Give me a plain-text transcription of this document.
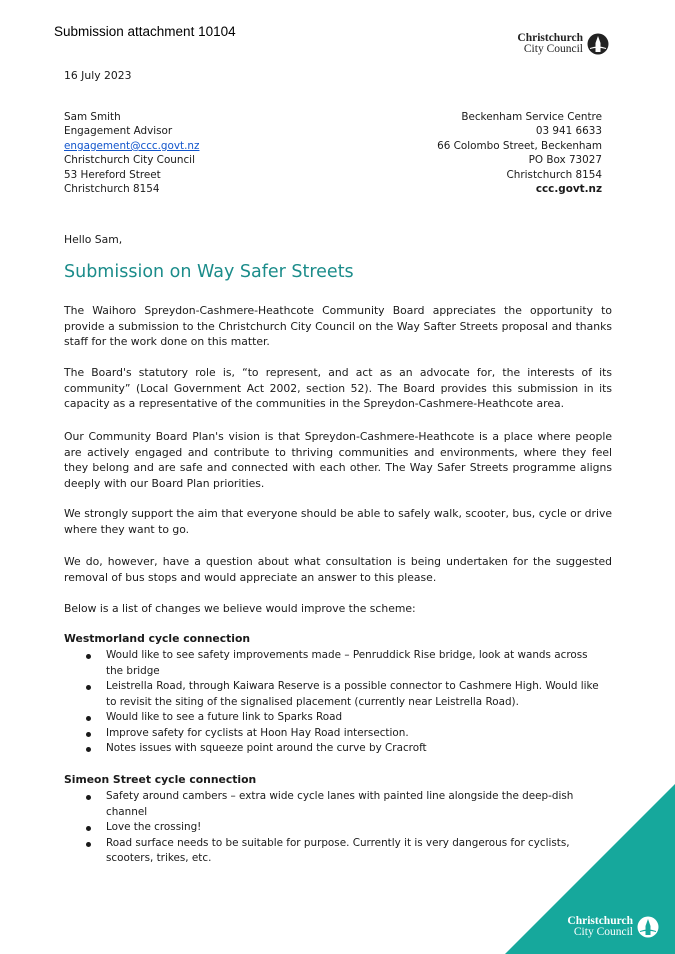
Submission attachment 10104	Christchurch
City Council
16 July 2023
Sam Smith
Engagement Advisor
engagement@ccc.govt.nz
Christchurch City Council
53 Hereford Street
Christchurch 8154
Beckenham Service Centre
03 941 6633
66 Colombo Street, Beckenham
PO Box 73027
Christchurch 8154
ccc.govt.nz
Hello Sam,
Submission on Way Safer Streets
The Waihoro Spreydon-Cashmere-Heathcote Community Board appreciates the opportunity to provide a submission to the Christchurch City Council on the Way Safter Streets proposal and thanks staff for the work done on this matter.
The Board's statutory role is, “to represent, and act as an advocate for, the interests of its community” (Local Government Act 2002, section 52). The Board provides this submission in its capacity as a representative of the communities in the Spreydon-Cashmere-Heathcote area.
Our Community Board Plan's vision is that Spreydon-Cashmere-Heathcote is a place where people are actively engaged and contribute to thriving communities and environments, where they feel they belong and are safe and connected with each other. The Way Safer Streets programme aligns deeply with our Board Plan priorities.
We strongly support the aim that everyone should be able to safely walk, scooter, bus, cycle or drive where they want to go.
We do, however, have a question about what consultation is being undertaken for the suggested removal of bus stops and would appreciate an answer to this please.
Below is a list of changes we believe would improve the scheme:
Westmorland cycle connection
Would like to see safety improvements made – Penruddick Rise bridge, look at wands across the bridge
Leistrella Road, through Kaiwara Reserve is a possible connector to Cashmere High. Would like to revisit the siting of the signalised placement (currently near Leistrella Road).
Would like to see a future link to Sparks Road
Improve safety for cyclists at Hoon Hay Road intersection.
Notes issues with squeeze point around the curve by Cracroft
Simeon Street cycle connection
Safety around cambers – extra wide cycle lanes with painted line alongside the deep-dish channel
Love the crossing!
Road surface needs to be suitable for purpose. Currently it is very dangerous for cyclists, scooters, trikes, etc.
Christchurch
City Council
